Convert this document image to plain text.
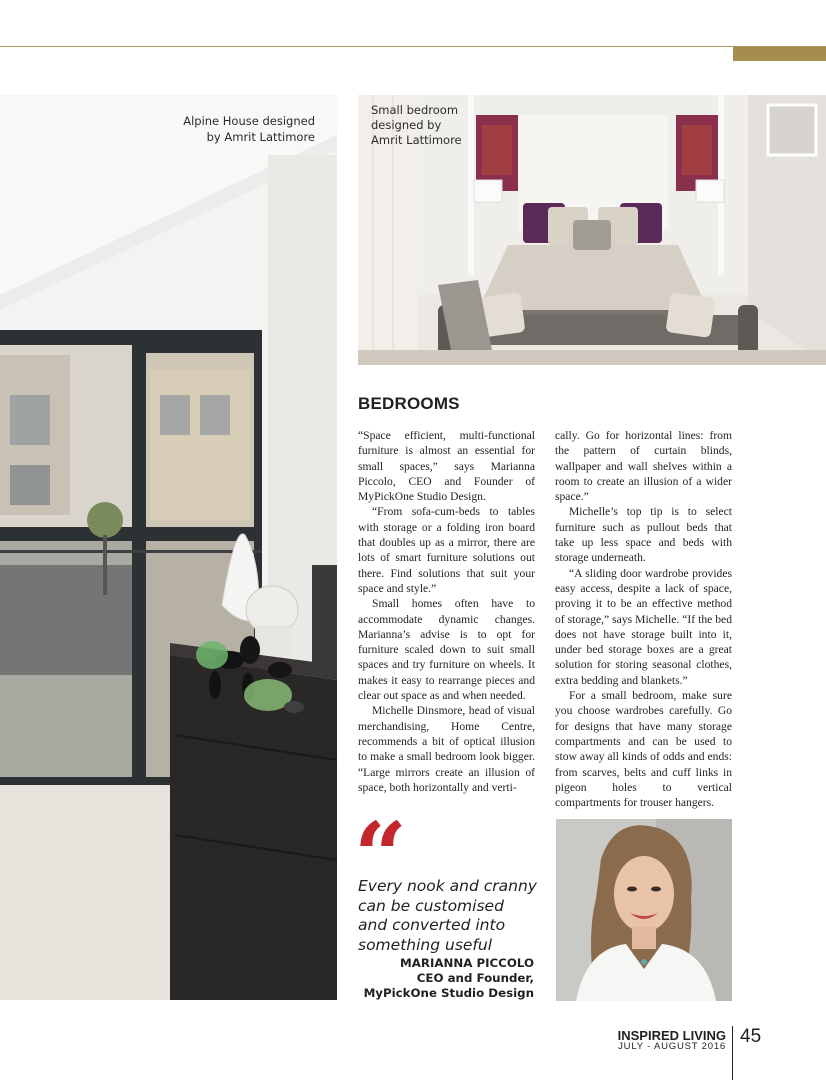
Alpine House designed
by Amrit Lattimore
Small bedroom
designed by
Amrit Lattimore
BEDROOMS

“Space efficient, multi-functional furniture is almost an essential for small spaces,” says Marianna Piccolo, CEO and Founder of MyPickOne Studio Design.

“From sofa-cum-beds to tables with storage or a folding iron board that doubles up as a mirror, there are lots of smart furniture solutions out there. Find solutions that suit your space and style.”

Small homes often have to accommodate dynamic changes. Marianna’s advise is to opt for furniture scaled down to suit small spaces and try furniture on wheels. It makes it easy to rearrange pieces and clear out space as and when needed.

Michelle Dinsmore, head of visual merchandising, Home Centre, recommends a bit of optical illusion to make a small bedroom look bigger. “Large mirrors create an illusion of space, both horizontally and verti-

cally. Go for horizontal lines: from the pattern of curtain blinds, wallpaper and wall shelves within a room to create an illusion of a wider space.”

Michelle’s top tip is to select furniture such as pullout beds that take up less space and beds with storage underneath.

“A sliding door wardrobe provides easy access, despite a lack of space, proving it to be an effective method of storage,” says Michelle. “If the bed does not have storage built into it, under bed storage boxes are a great solution for storing seasonal clothes, extra bedding and blankets.”

For a small bedroom, make sure you choose wardrobes carefully. Go for designs that have many storage compartments and can be used to stow away all kinds of odds and ends: from scarves, belts and cuff links in pigeon holes to vertical compartments for trouser hangers.

“
Every nook and cranny
can be customised
and converted into
something useful
MARIANNA PICCOLO
CEO and Founder,
MyPickOne Studio Design
INSPIRED LIVING
JULY - AUGUST 2016 45
